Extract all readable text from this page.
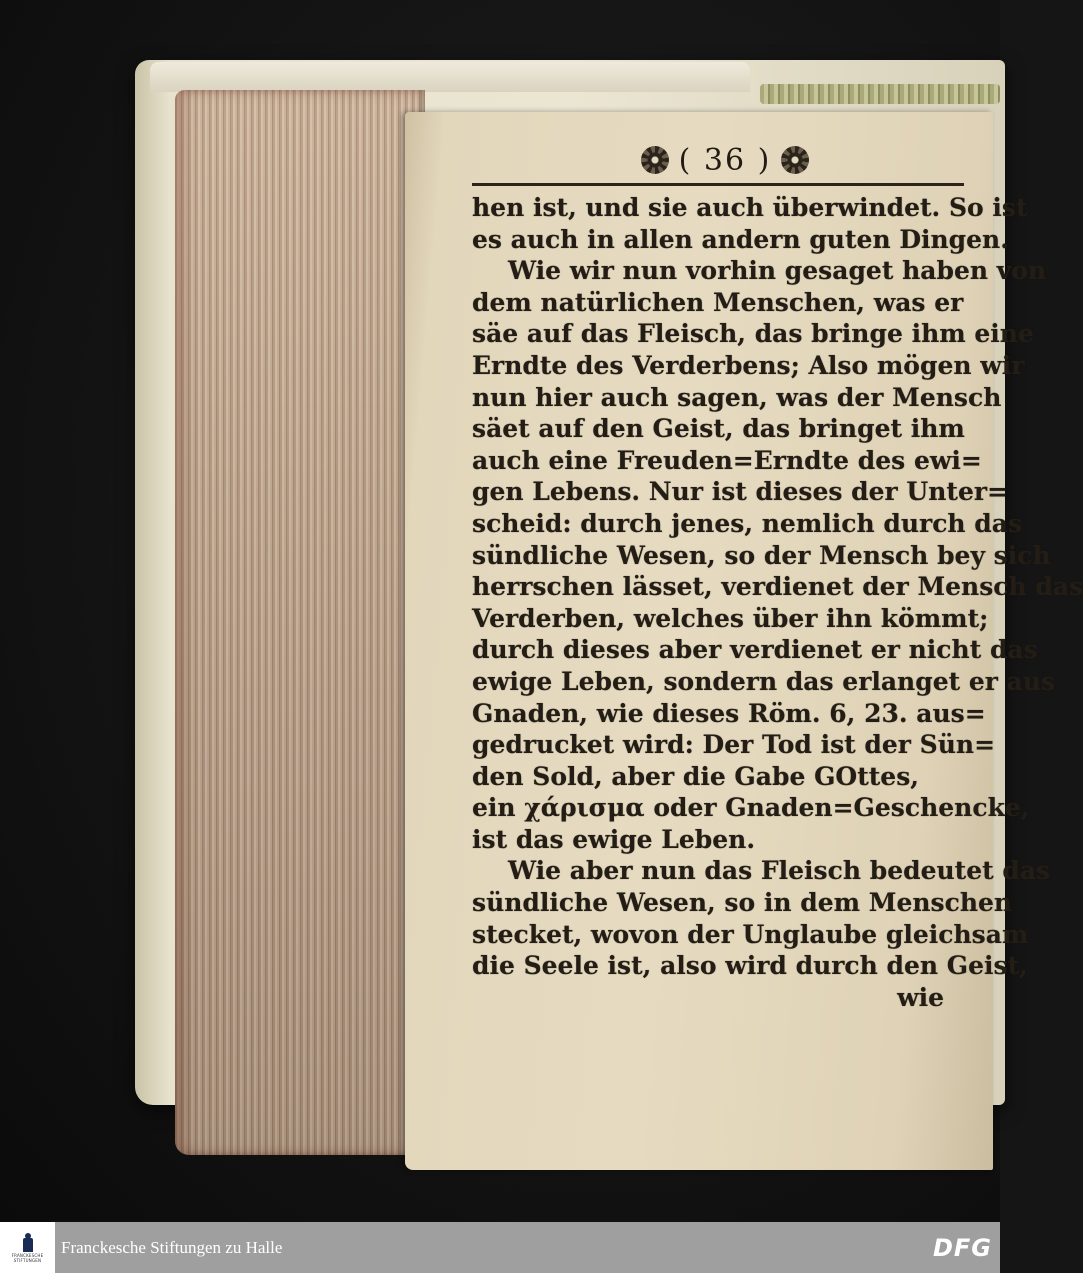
( 36 )
hen ist, und sie auch überwindet. So ist
es auch in allen andern guten Dingen.
Wie wir nun vorhin gesaget haben von
dem natürlichen Menschen, was er
säe auf das Fleisch, das bringe ihm eine
Erndte des Verderbens; Also mögen wir
nun hier auch sagen, was der Mensch
säet auf den Geist, das bringet ihm
auch eine Freuden=Erndte des ewi=
gen Lebens. Nur ist dieses der Unter=
scheid: durch jenes, nemlich durch das
sündliche Wesen, so der Mensch bey sich
herrschen lässet, verdienet der Mensch das
Verderben, welches über ihn kömmt;
durch dieses aber verdienet er nicht das
ewige Leben, sondern das erlanget er aus
Gnaden, wie dieses Röm. 6, 23. aus=
gedrucket wird: Der Tod ist der Sün=
den Sold, aber die Gabe GOttes,
ein χάρισμα oder Gnaden=Geschencke,
ist das ewige Leben.
Wie aber nun das Fleisch bedeutet das
sündliche Wesen, so in dem Menschen
stecket, wovon der Unglaube gleichsam
die Seele ist, also wird durch den Geist,
wie
FRANCKESCHE
STIFTUNGEN
Franckesche Stiftungen zu Halle	DFG
